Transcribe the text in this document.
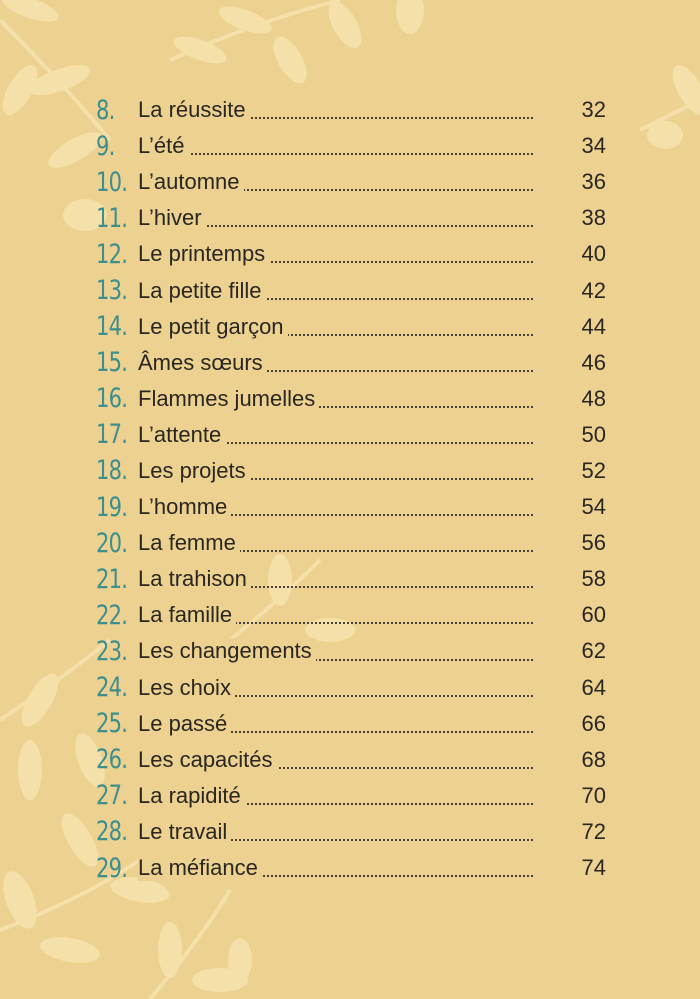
8.	La réussite	32
9.	L’été	34
10. L’automne	36
11. L’hiver	38
12. Le printemps	40
13. La petite fille	42
14. Le petit garçon	44
15. Âmes sœurs	46
16. Flammes jumelles	48
17. L’attente	50
18. Les projets	52
19. L’homme	54
20. La femme	56
21. La trahison	58
22. La famille	60
23. Les changements	62
24. Les choix	64
25. Le passé	66
26. Les capacités	68
27. La rapidité	70
28. Le travail	72
29. La méfiance	74
